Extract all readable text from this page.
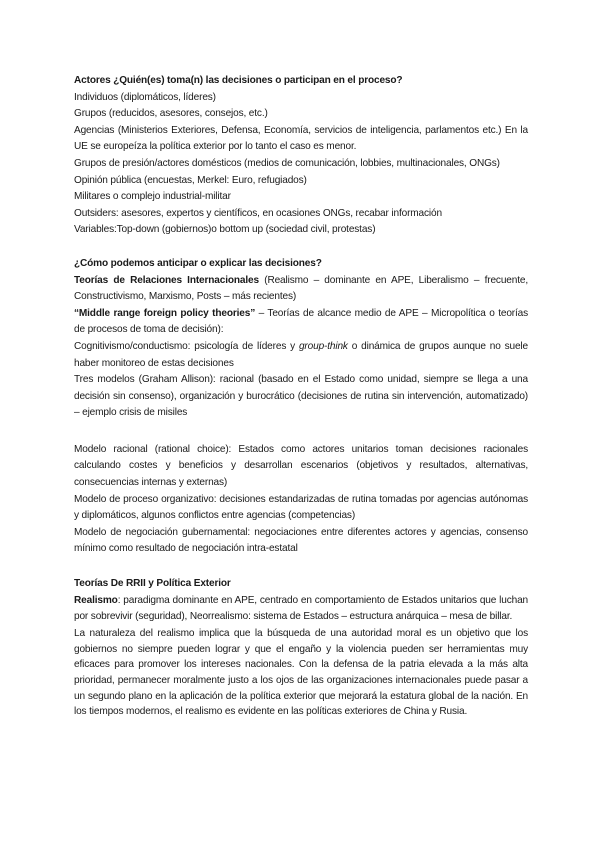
Actores ¿Quién(es) toma(n) las decisiones o participan en el proceso?

Individuos (diplomáticos, líderes)

Grupos (reducidos, asesores, consejos, etc.)

Agencias (Ministerios Exteriores, Defensa, Economía, servicios de inteligencia, parlamentos etc.) En la UE se europeíza la política exterior por lo tanto el caso es menor.

Grupos de presión/actores domésticos (medios de comunicación, lobbies, multinacionales, ONGs)

Opinión pública (encuestas, Merkel: Euro, refugiados)

Militares o complejo industrial-militar

Outsiders: asesores, expertos y científicos, en ocasiones ONGs, recabar información

Variables:Top-down (gobiernos)o bottom up (sociedad civil, protestas)

¿Cómo podemos anticipar o explicar las decisiones?

Teorías de Relaciones Internacionales (Realismo – dominante en APE, Liberalismo – frecuente, Constructivismo, Marxismo, Posts – más recientes)

“Middle range foreign policy theories” – Teorías de alcance medio de APE – Micropolítica o teorías de procesos de toma de decisión):

Cognitivismo/conductismo: psicología de líderes y group-think o dinámica de grupos aunque no suele haber monitoreo de estas decisiones

Tres modelos (Graham Allison): racional (basado en el Estado como unidad, siempre se llega a una decisión sin consenso), organización y burocrático (decisiones de rutina sin intervención, automatizado) – ejemplo crisis de misiles

Modelo racional (rational choice): Estados como actores unitarios toman decisiones racionales calculando costes y beneficios y desarrollan escenarios (objetivos y resultados, alternativas, consecuencias internas y externas)

Modelo de proceso organizativo: decisiones estandarizadas de rutina tomadas por agencias autónomas y diplomáticos, algunos conflictos entre agencias (competencias)

Modelo de negociación gubernamental: negociaciones entre diferentes actores y agencias, consenso mínimo como resultado de negociación intra-estatal

Teorías De RRII y Política Exterior

Realismo: paradigma dominante en APE, centrado en comportamiento de Estados unitarios que luchan por sobrevivir (seguridad), Neorrealismo: sistema de Estados – estructura anárquica – mesa de billar.

La naturaleza del realismo implica que la búsqueda de una autoridad moral es un objetivo que los gobiernos no siempre pueden lograr y que el engaño y la violencia pueden ser herramientas muy eficaces para promover los intereses nacionales. Con la defensa de la patria elevada a la más alta prioridad, permanecer moralmente justo a los ojos de las organizaciones internacionales puede pasar a un segundo plano en la aplicación de la política exterior que mejorará la estatura global de la nación. En los tiempos modernos, el realismo es evidente en las políticas exteriores de China y Rusia.
